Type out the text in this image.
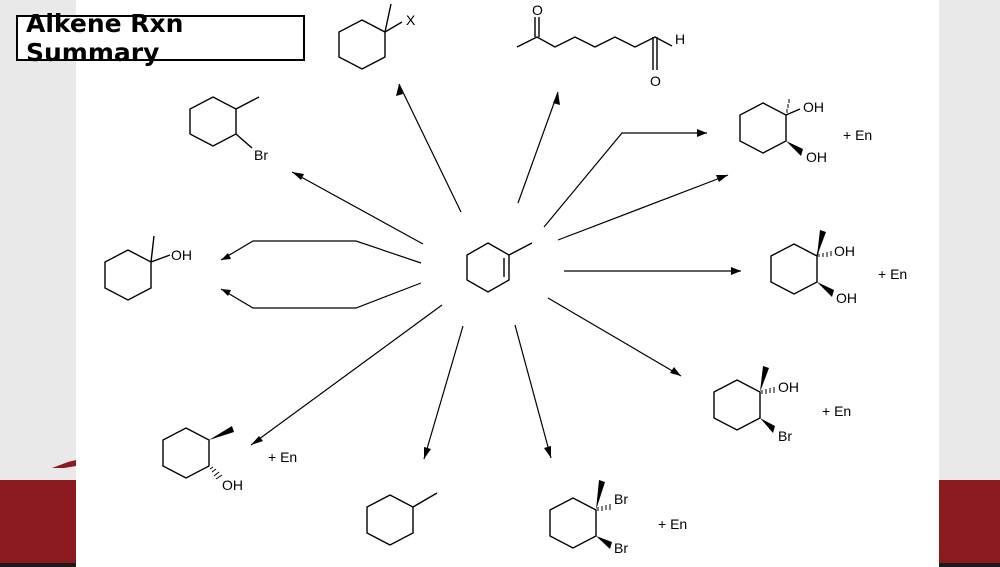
X
O
H
O
Br
OH
OH
OH
+ En
OH
OH
+ En
OH
Br
+ En
Br
Br
+ En
OH
+ En
Alkene Rxn Summary
